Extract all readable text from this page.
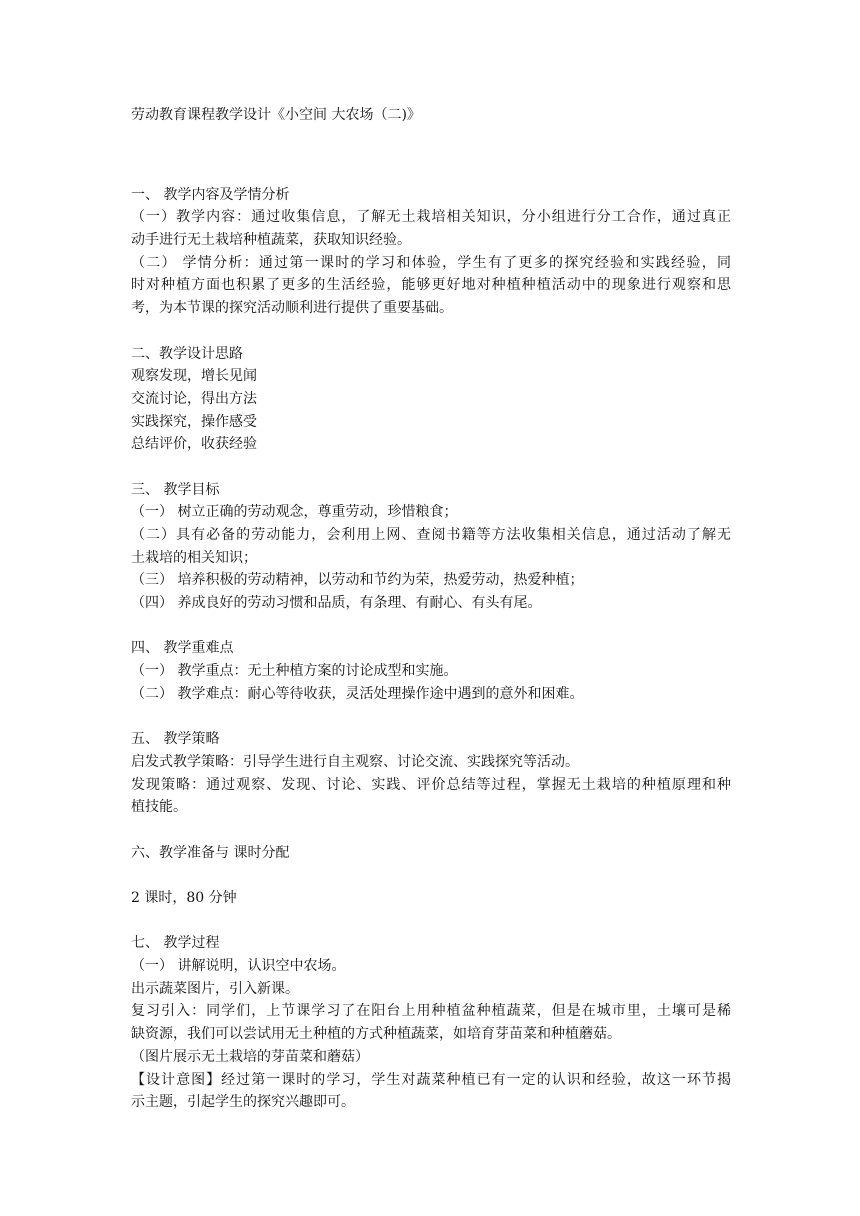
劳动教育课程教学设计《小空间 大农场（二)》
一、 教学内容及学情分析
（一）教学内容：通过收集信息，了解无土栽培相关知识，分小组进行分工合作，通过真正
动手进行无土栽培种植蔬菜，获取知识经验。
（二） 学情分析：通过第一课时的学习和体验，学生有了更多的探究经验和实践经验，同
时对种植方面也积累了更多的生活经验，能够更好地对种植种植活动中的现象进行观察和思
考，为本节课的探究活动顺利进行提供了重要基础。
二、教学设计思路
观察发现，增长见闻
交流讨论，得出方法
实践探究，操作感受
总结评价，收获经验
三、 教学目标
（一） 树立正确的劳动观念，尊重劳动，珍惜粮食；
（二）具有必备的劳动能力，会利用上网、查阅书籍等方法收集相关信息，通过活动了解无
土栽培的相关知识；
（三） 培养积极的劳动精神，以劳动和节约为荣，热爱劳动，热爱种植；
（四） 养成良好的劳动习惯和品质，有条理、有耐心、有头有尾。
四、 教学重难点
（一） 教学重点：无土种植方案的讨论成型和实施。
（二） 教学难点：耐心等待收获，灵活处理操作途中遇到的意外和困难。
五、 教学策略
启发式教学策略：引导学生进行自主观察、讨论交流、实践探究等活动。
发现策略：通过观察、发现、讨论、实践、评价总结等过程，掌握无土栽培的种植原理和种
植技能。
六、教学准备与 课时分配
2 课时，80 分钟
七、 教学过程
（一） 讲解说明，认识空中农场。
出示蔬菜图片，引入新课。
复习引入：同学们，上节课学习了在阳台上用种植盆种植蔬菜，但是在城市里，土壤可是稀
缺资源，我们可以尝试用无土种植的方式种植蔬菜，如培育芽苗菜和种植蘑菇。
（图片展示无土栽培的芽苗菜和蘑菇）
【设计意图】经过第一课时的学习，学生对蔬菜种植已有一定的认识和经验，故这一环节揭
示主题，引起学生的探究兴趣即可。
